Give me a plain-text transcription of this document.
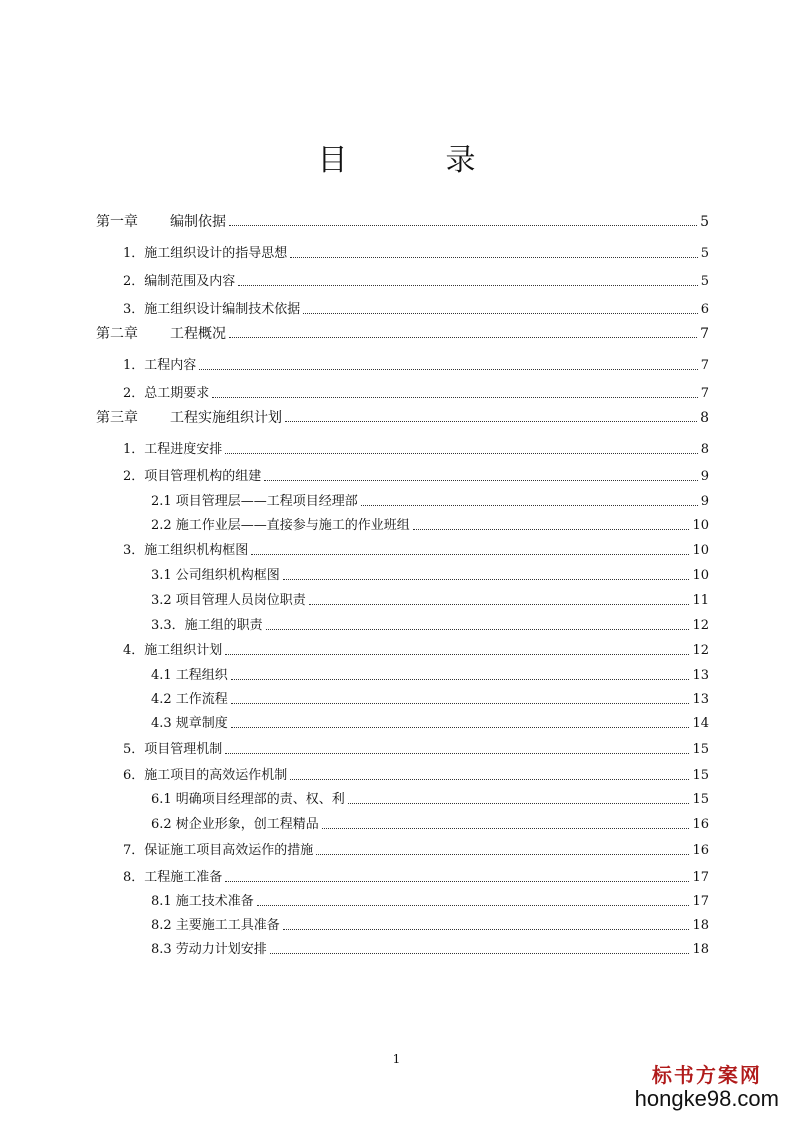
目　录
第一章 编制依据	5
1．施工组织设计的指导思想	5
2．编制范围及内容	5
3．施工组织设计编制技术依据	6
第二章 工程概况	7
1．工程内容	7
2．总工期要求	7
第三章 工程实施组织计划	8
1．工程进度安排	8
2．项目管理机构的组建	9
2.1 项目管理层——工程项目经理部	9
2.2 施工作业层——直接参与施工的作业班组	10
3．施工组织机构框图	10
3.1 公司组织机构框图	10
3.2 项目管理人员岗位职责	11
3.3．施工组的职责	12
4．施工组织计划	12
4.1 工程组织	13
4.2 工作流程	13
4.3 规章制度	14
5．项目管理机制	15
6．施工项目的高效运作机制	15
6.1 明确项目经理部的责、权、利	15
6.2 树企业形象，创工程精品	16
7．保证施工项目高效运作的措施	16
8．工程施工准备	17
8.1 施工技术准备	17
8.2 主要施工工具准备	18
8.3 劳动力计划安排	18
1
标书方案网
hongke98.com
